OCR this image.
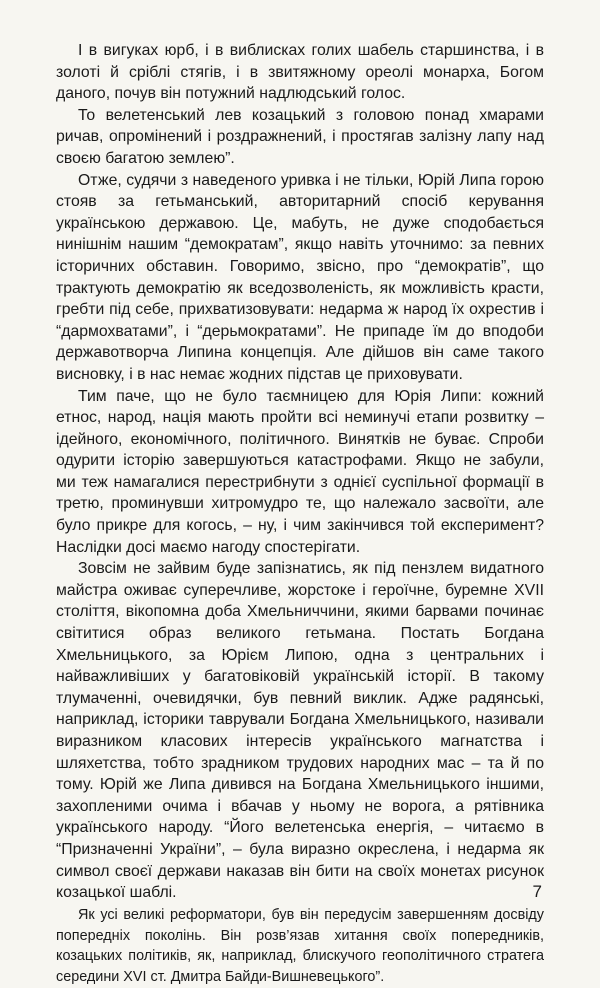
І в вигуках юрб, і в виблисках голих шабель старшинства, і в золоті й сріблі стягів, і в звитяжному ореолі монарха, Богом даного, почув він потужний надлюдський голос.

То велетенський лев козацький з головою понад хмарами ричав, опромінений і роздражнений, і простягав залізну лапу над своєю багатою землею”.

Отже, судячи з наведеного уривка і не тільки, Юрій Липа горою стояв за гетьманський, авторитарний спосіб керування українською державою. Це, мабуть, не дуже сподобається нинішнім нашим “демократам”, якщо навіть уточнимо: за певних історичних обставин. Говоримо, звісно, про “демократів”, що трактують демократію як вседозволеність, як можливість красти, гребти під себе, прихватизовувати: недарма ж народ їх охрестив і “дармохватами”, і “дерьмократами”. Не припаде їм до вподоби державотворча Липина концепція. Але дійшов він саме такого висновку, і в нас немає жодних підстав це приховувати.

Тим паче, що не було таємницею для Юрія Липи: кожний етнос, народ, нація мають пройти всі неминучі етапи розвитку – ідейного, економічного, політичного. Винятків не буває. Спроби одурити історію завершуються катастрофами. Якщо не забули, ми теж намагалися перестрибнути з однієї суспільної формації в третю, проминувши хитромудро те, що належало засвоїти, але було прикре для когось, – ну, і чим закінчився той експеримент? Наслідки досі маємо нагоду спостерігати.

Зовсім не зайвим буде запізнатись, як під пензлем видатного майстра оживає суперечливе, жорстоке і героїчне, буремне XVII століття, вікопомна доба Хмельниччини, якими барвами починає світитися образ великого гетьмана. Постать Богдана Хмельницького, за Юрієм Липою, одна з центральних і найважливіших у багатовіковій українській історії. В такому тлумаченні, очевидячки, був певний виклик. Адже радянські, наприклад, історики таврували Богдана Хмельницького, називали виразником класових інтересів українського магнатства і шляхетства, тобто зрадником трудових народних мас – та й по тому. Юрій же Липа дивився на Богдана Хмельницького іншими, захопленими очима і вбачав у ньому не ворога, а рятівника українського народу. “Його велетенська енергія, – читаємо в “Призначенні України”, – була виразно окреслена, і недарма як символ своєї держави наказав він бити на своїх монетах рисунок козацької шаблі.

Як усі великі реформатори, був він передусім завершенням досвіду попередніх поколінь. Він розв’язав хитання своїх попередників, козацьких політиків, як, наприклад, блискучого геополітичного стратега середини XVI ст. Дмитра Байди-Вишневецького”.

7
